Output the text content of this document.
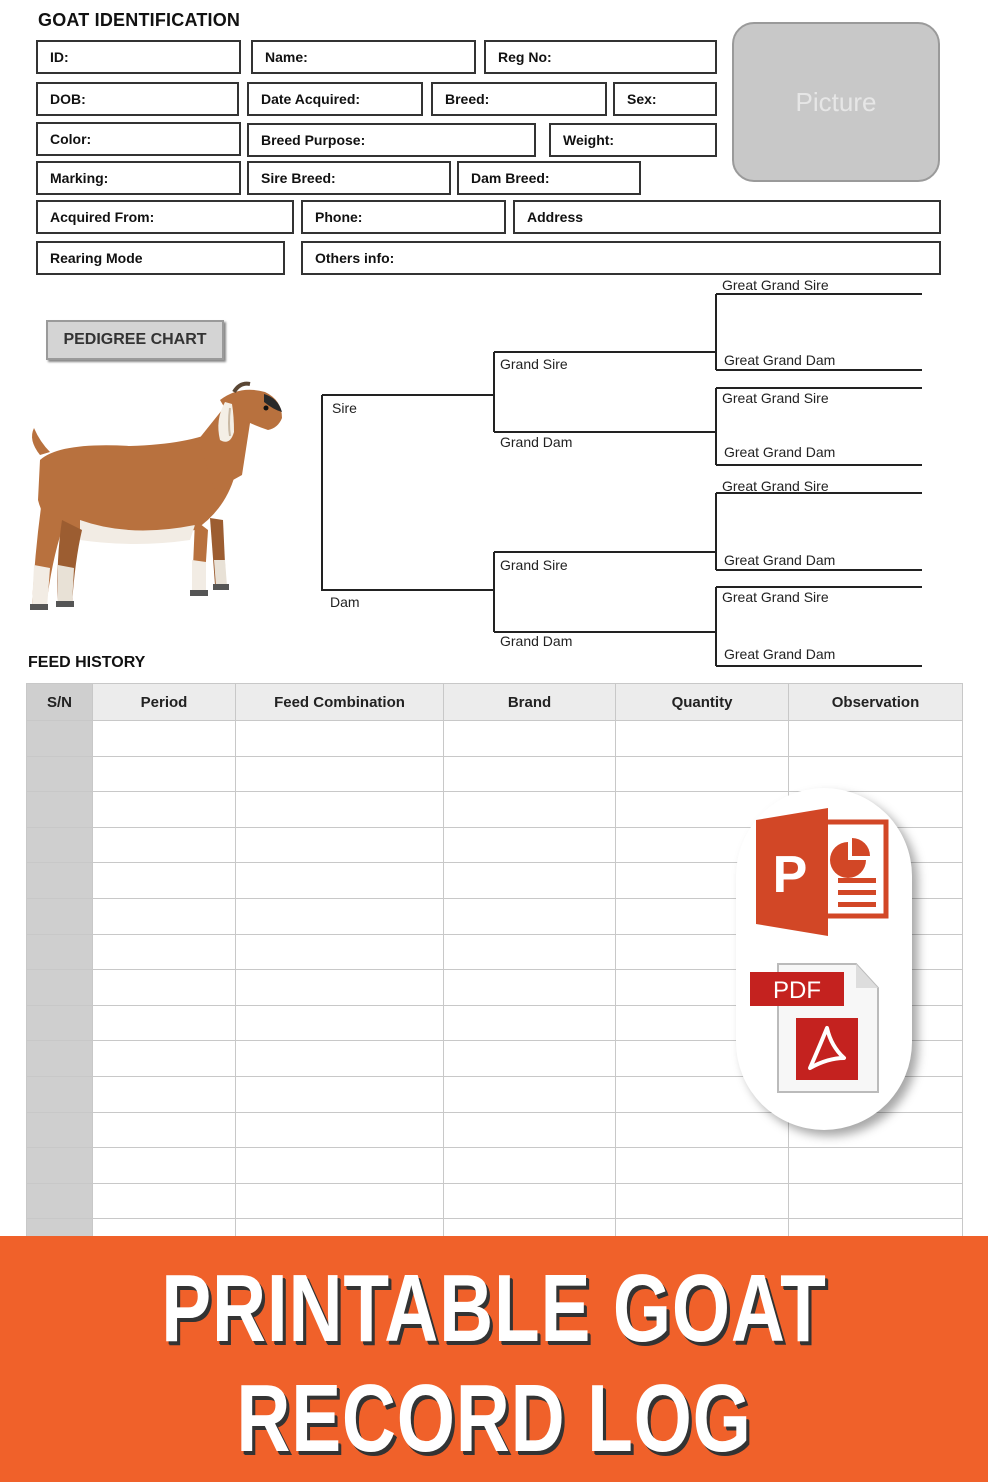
GOAT IDENTIFICATION
ID:	Name:	Reg No:
DOB:	Date Acquired:	Breed:	Sex:
Color:	Breed Purpose:	Weight:
Marking:	Sire Breed:	Dam Breed:
Acquired From:	Phone:	Address
Rearing Mode	Others info:
Picture
PEDIGREE CHART
Sire
Dam
Grand Sire
Grand Dam
Grand Sire
Grand Dam
Great Grand Sire
Great Grand Dam
Great Grand Sire
Great Grand Dam
Great Grand Sire
Great Grand Dam
Great Grand Sire
Great Grand Dam
FEED HISTORY
S/N	Period	Feed Combination	Brand	Quantity	Observation

P
PDF
PRINTABLE GOAT
RECORD LOG
